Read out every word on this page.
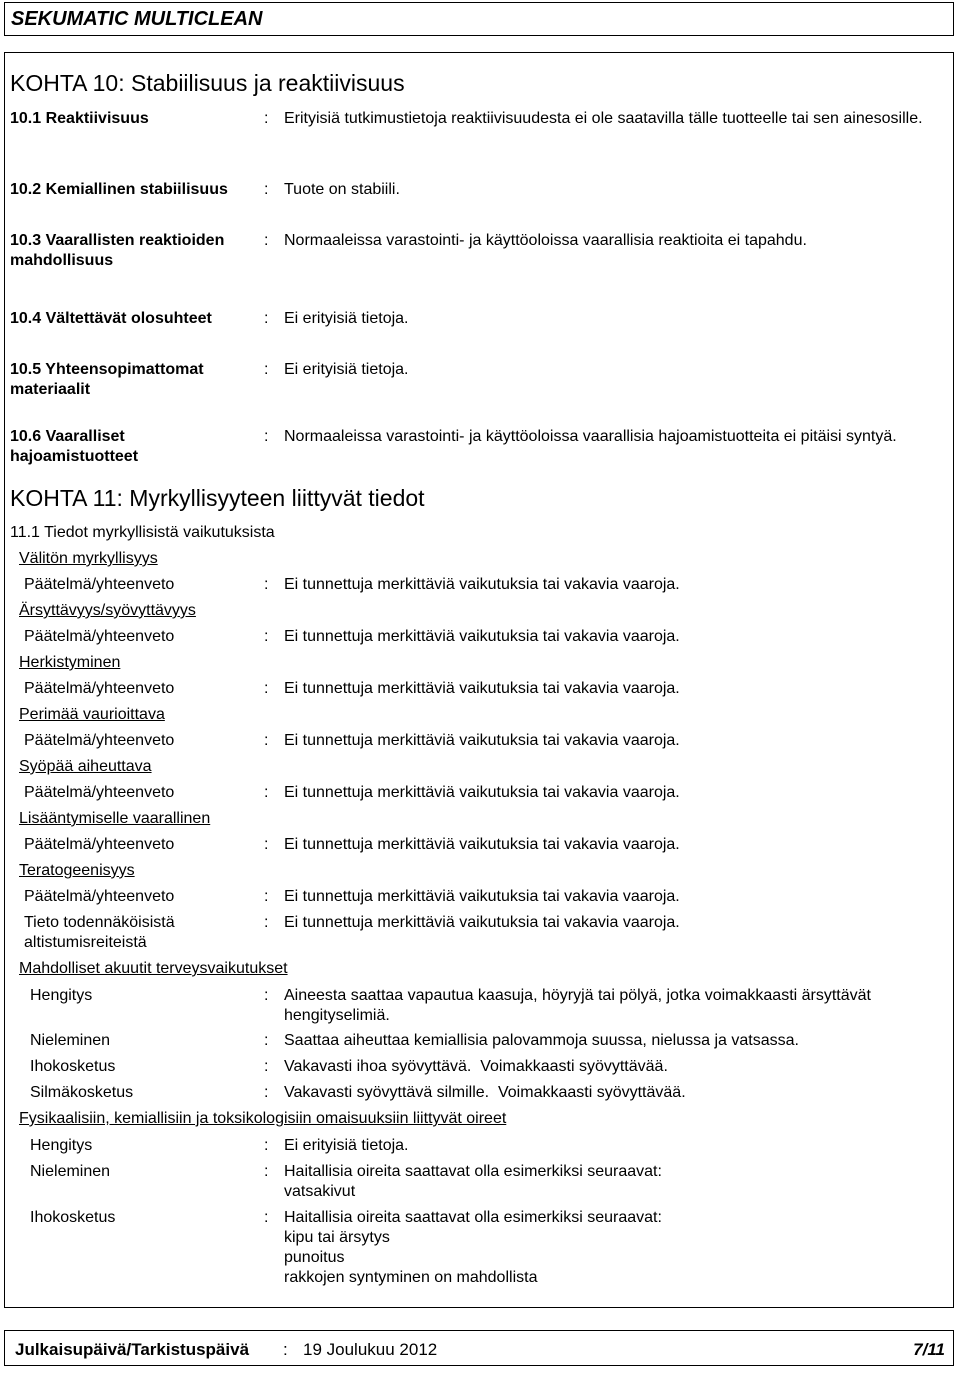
SEKUMATIC MULTICLEAN
KOHTA 10: Stabiilisuus ja reaktiivisuus
10.1 Reaktiivisuus	: Erityisiä tutkimustietoja reaktiivisuudesta ei ole saatavilla tälle tuotteelle tai sen ainesosille.
10.2 Kemiallinen stabiilisuus : Tuote on stabiili.
10.3 Vaarallisten reaktioiden mahdollisuus
: Normaaleissa varastointi- ja käyttöoloissa vaarallisia reaktioita ei tapahdu.
10.4 Vältettävät olosuhteet	: Ei erityisiä tietoja.
10.5 Yhteensopimattomat materiaalit
: Ei erityisiä tietoja.
10.6 Vaaralliset hajoamistuotteet
: Normaaleissa varastointi- ja käyttöoloissa vaarallisia hajoamistuotteita ei pitäisi syntyä.
KOHTA 11: Myrkyllisyyteen liittyvät tiedot
11.1 Tiedot myrkyllisistä vaikutuksista
Välitön myrkyllisyys
Päätelmä/yhteenveto	: Ei tunnettuja merkittäviä vaikutuksia tai vakavia vaaroja.
Ärsyttävyys/syövyttävyys
Päätelmä/yhteenveto	: Ei tunnettuja merkittäviä vaikutuksia tai vakavia vaaroja.
Herkistyminen
Päätelmä/yhteenveto	: Ei tunnettuja merkittäviä vaikutuksia tai vakavia vaaroja.
Perimää vaurioittava
Päätelmä/yhteenveto	: Ei tunnettuja merkittäviä vaikutuksia tai vakavia vaaroja.
Syöpää aiheuttava
Päätelmä/yhteenveto	: Ei tunnettuja merkittäviä vaikutuksia tai vakavia vaaroja.
Lisääntymiselle vaarallinen
Päätelmä/yhteenveto	: Ei tunnettuja merkittäviä vaikutuksia tai vakavia vaaroja.
Teratogeenisyys
Päätelmä/yhteenveto	: Ei tunnettuja merkittäviä vaikutuksia tai vakavia vaaroja.
Tieto todennäköisistä altistumisreiteistä
: Ei tunnettuja merkittäviä vaikutuksia tai vakavia vaaroja.
Mahdolliset akuutit terveysvaikutukset
Hengitys	: Aineesta saattaa vapautua kaasuja, höyryjä tai pölyä, jotka voimakkaasti ärsyttävät hengityselimiä.
Nieleminen	: Saattaa aiheuttaa kemiallisia palovammoja suussa, nielussa ja vatsassa.
Ihokosketus	: Vakavasti ihoa syövyttävä.  Voimakkaasti syövyttävää.
Silmäkosketus	: Vakavasti syövyttävä silmille.  Voimakkaasti syövyttävää.
Fysikaalisiin, kemiallisiin ja toksikologisiin omaisuuksiin liittyvät oireet
Hengitys	: Ei erityisiä tietoja.
Nieleminen	: Haitallisia oireita saattavat olla esimerkiksi seuraavat:
vatsakivut
Ihokosketus	: Haitallisia oireita saattavat olla esimerkiksi seuraavat:
kipu tai ärsytys
punoitus
rakkojen syntyminen on mahdollista
Julkaisupäivä/Tarkistuspäivä : 19 Joulukuu 2012	7/11
